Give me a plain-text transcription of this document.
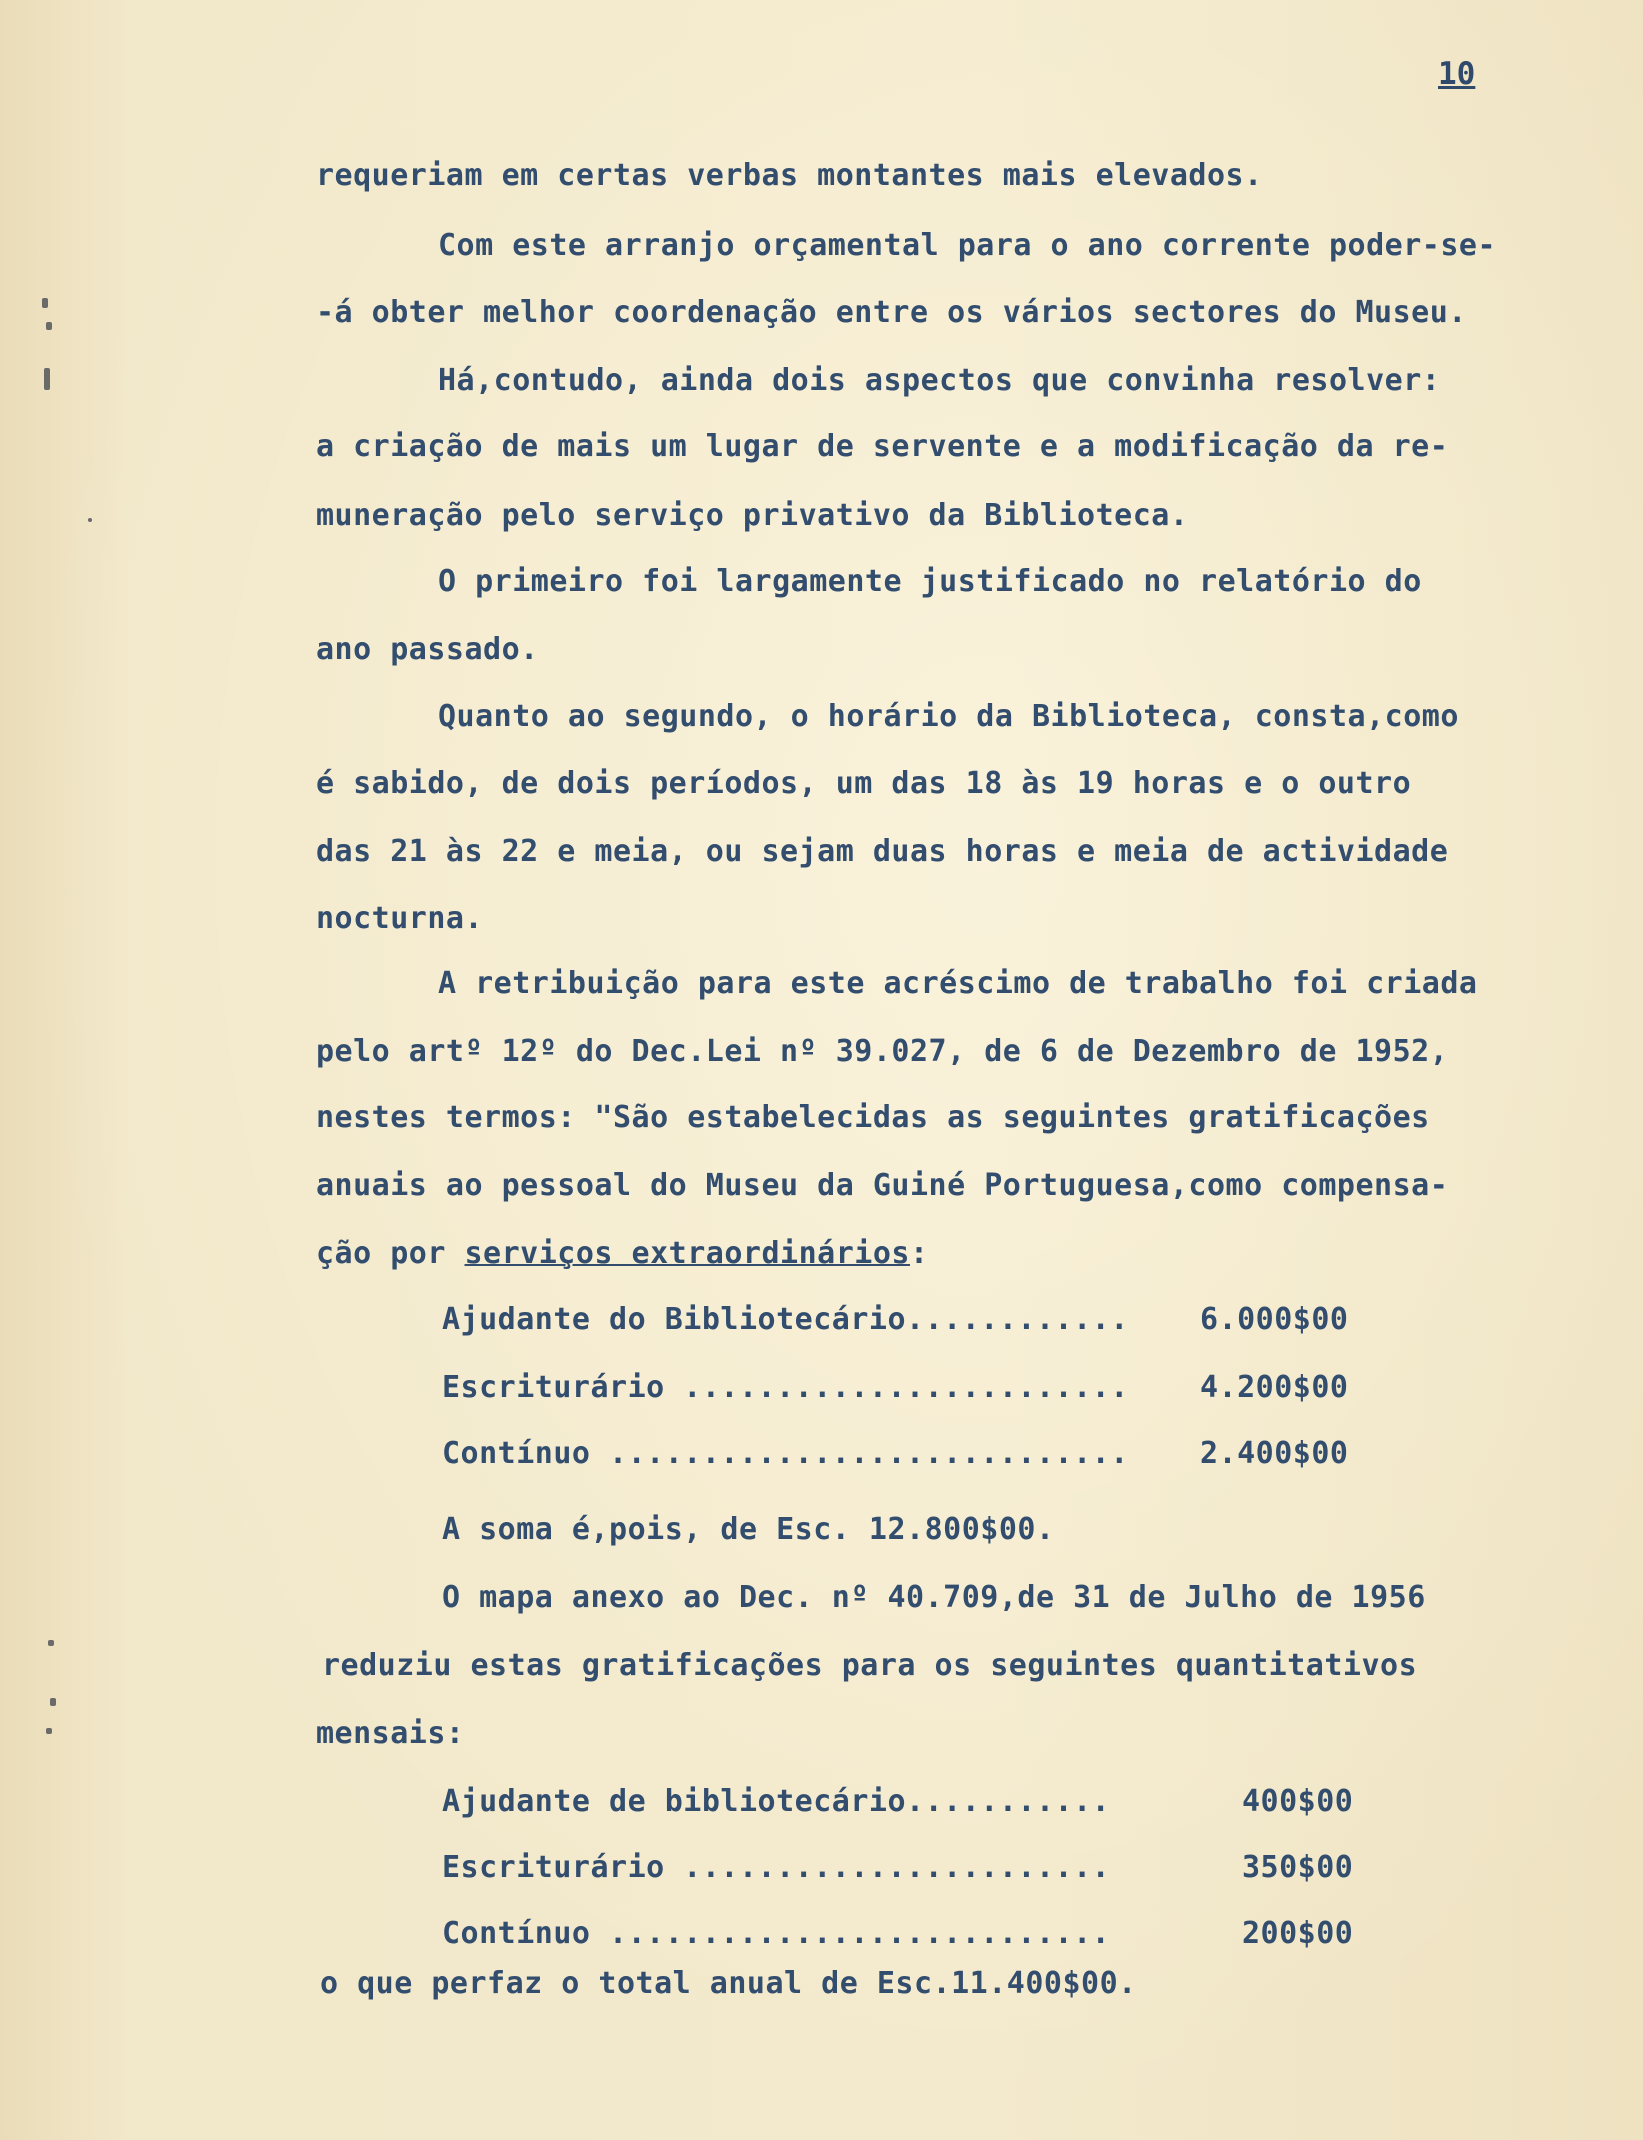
10
requeriam em certas verbas montantes mais elevados.
Com este arranjo orçamental para o ano corrente poder-se-
-á obter melhor coordenação entre os vários sectores do Museu.
Há,contudo, ainda dois aspectos que convinha resolver:
a criação de mais um lugar de servente e a modificação da re-
muneração pelo serviço privativo da Biblioteca.
O primeiro foi largamente justificado no relatório do
ano passado.
Quanto ao segundo, o horário da Biblioteca, consta,como
é sabido, de dois períodos, um das 18 às 19 horas e o outro
das 21 às 22 e meia, ou sejam duas horas e meia de actividade
nocturna.
A retribuição para este acréscimo de trabalho foi criada
pelo artº 12º do Dec.Lei nº 39.027, de 6 de Dezembro de 1952,
nestes termos: "São estabelecidas as seguintes gratificações
anuais ao pessoal do Museu da Guiné Portuguesa,como compensa-
ção por serviços extraordinários:
Ajudante do Bibliotecário............ 6.000$00
Escriturário ........................ 4.200$00
Contínuo ............................ 2.400$00
A soma é,pois, de Esc. 12.800$00.
O mapa anexo ao Dec. nº 40.709,de 31 de Julho de 1956
reduziu estas gratificações para os seguintes quantitativos
mensais:
Ajudante de bibliotecário...........	400$00
Escriturário .......................	350$00
Contínuo ...........................	200$00
o que perfaz o total anual de Esc.11.400$00.
